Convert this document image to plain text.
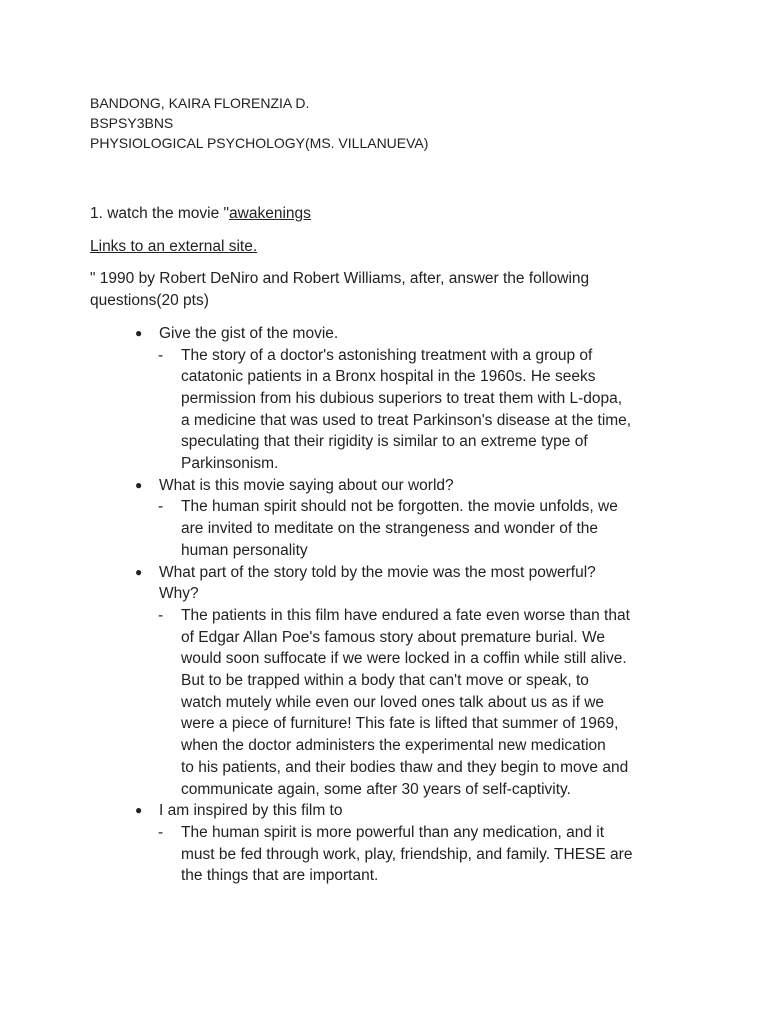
BANDONG, KAIRA FLORENZIA D.
BSPSY3BNS
PHYSIOLOGICAL PSYCHOLOGY(MS. VILLANUEVA)

1. watch the movie "awakenings

Links to an external site.

" 1990 by Robert DeNiro and Robert Williams, after, answer the following
questions(20 pts)

● Give the gist of the movie.
- The story of a doctor's astonishing treatment with a group of
catatonic patients in a Bronx hospital in the 1960s. He seeks
permission from his dubious superiors to treat them with L-dopa,
a medicine that was used to treat Parkinson's disease at the time,
speculating that their rigidity is similar to an extreme type of
Parkinsonism.
● What is this movie saying about our world?
- The human spirit should not be forgotten. the movie unfolds, we
are invited to meditate on the strangeness and wonder of the
human personality
● What part of the story told by the movie was the most powerful?
Why?
- The patients in this film have endured a fate even worse than that
of Edgar Allan Poe's famous story about premature burial. We
would soon suffocate if we were locked in a coffin while still alive.
But to be trapped within a body that can't move or speak, to
watch mutely while even our loved ones talk about us as if we
were a piece of furniture! This fate is lifted that summer of 1969,
when the doctor administers the experimental new medication
to his patients, and their bodies thaw and they begin to move and
communicate again, some after 30 years of self-captivity.
● I am inspired by this film to
- The human spirit is more powerful than any medication, and it
must be fed through work, play, friendship, and family. THESE are
the things that are important.
